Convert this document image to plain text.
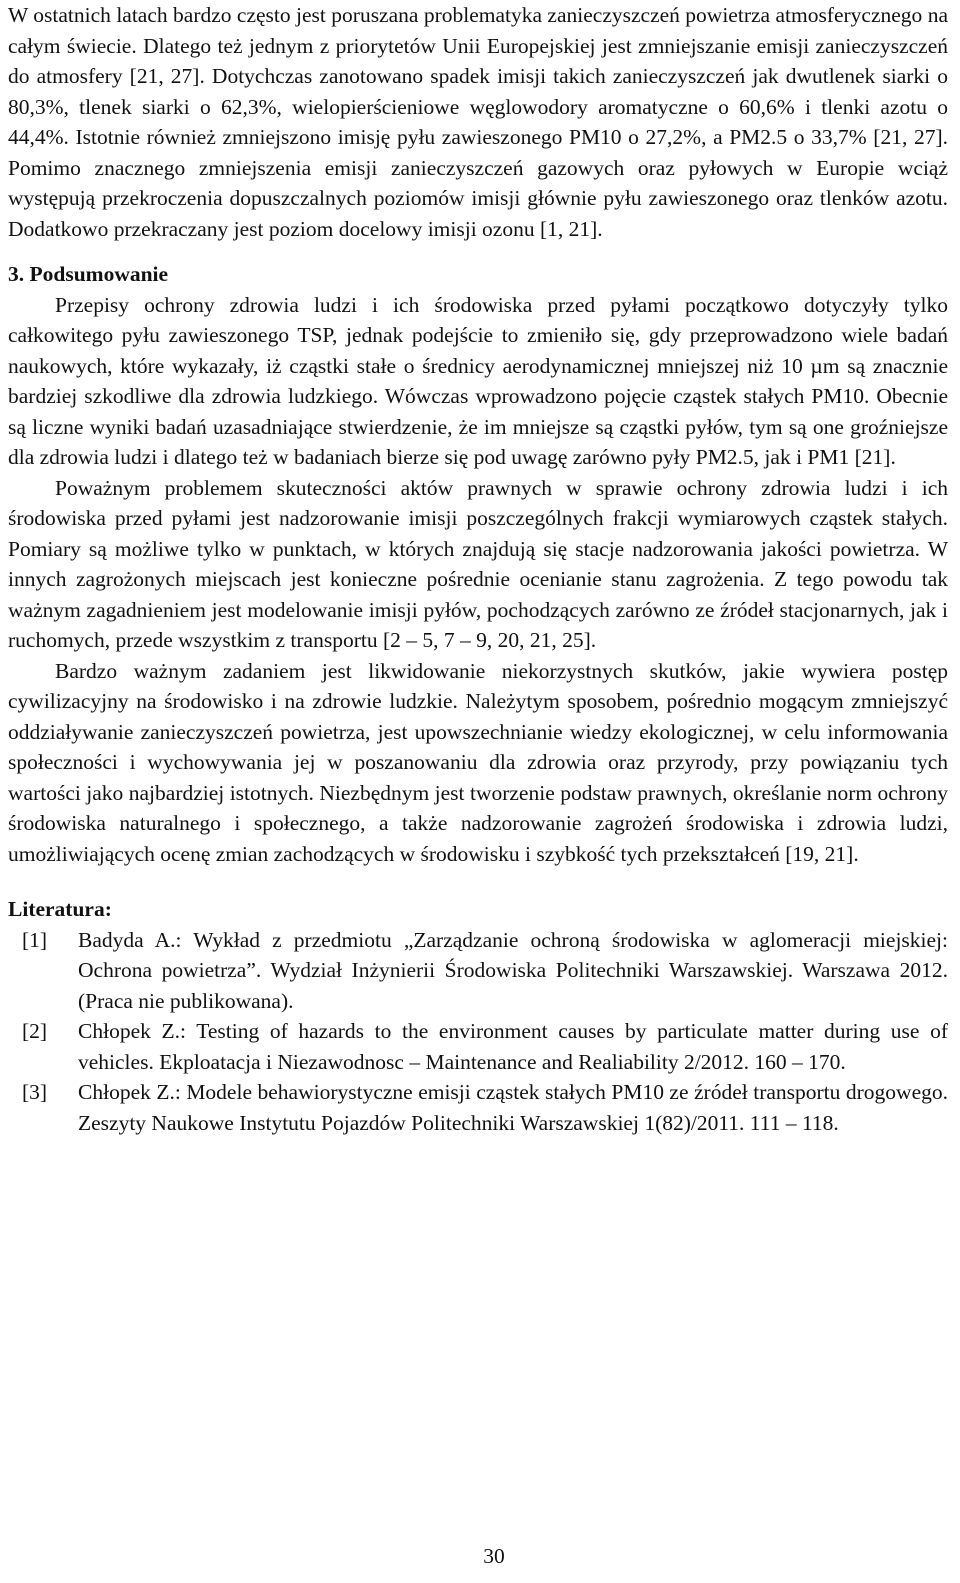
W ostatnich latach bardzo często jest poruszana problematyka zanieczyszczeń powietrza atmosferycznego na całym świecie. Dlatego też jednym z priorytetów Unii Europejskiej jest zmniejszanie emisji zanieczyszczeń do atmosfery [21, 27]. Dotychczas zanotowano spadek imisji takich zanieczyszczeń jak dwutlenek siarki o 80,3%, tlenek siarki o 62,3%, wielopierścieniowe węglowodory aromatyczne o 60,6% i tlenki azotu o 44,4%. Istotnie również zmniejszono imisję pyłu zawieszonego PM10 o 27,2%, a PM2.5 o 33,7% [21, 27]. Pomimo znacznego zmniejszenia emisji zanieczyszczeń gazowych oraz pyłowych w Europie wciąż występują przekroczenia dopuszczalnych poziomów imisji głównie pyłu zawieszonego oraz tlenków azotu. Dodatkowo przekraczany jest poziom docelowy imisji ozonu [1, 21].

3. Podsumowanie

Przepisy ochrony zdrowia ludzi i ich środowiska przed pyłami początkowo dotyczyły tylko całkowitego pyłu zawieszonego TSP, jednak podejście to zmieniło się, gdy przeprowadzono wiele badań naukowych, które wykazały, iż cząstki stałe o średnicy aerodynamicznej mniejszej niż 10 µm są znacznie bardziej szkodliwe dla zdrowia ludzkiego. Wówczas wprowadzono pojęcie cząstek stałych PM10. Obecnie są liczne wyniki badań uzasadniające stwierdzenie, że im mniejsze są cząstki pyłów, tym są one groźniejsze dla zdrowia ludzi i dlatego też w badaniach bierze się pod uwagę zarówno pyły PM2.5, jak i PM1 [21].

Poważnym problemem skuteczności aktów prawnych w sprawie ochrony zdrowia ludzi i ich środowiska przed pyłami jest nadzorowanie imisji poszczególnych frakcji wymiarowych cząstek stałych. Pomiary są możliwe tylko w punktach, w których znajdują się stacje nadzorowania jakości powietrza. W innych zagrożonych miejscach jest konieczne pośrednie ocenianie stanu zagrożenia. Z tego powodu tak ważnym zagadnieniem jest modelowanie imisji pyłów, pochodzących zarówno ze źródeł stacjonarnych, jak i ruchomych, przede wszystkim z transportu [2 – 5, 7 – 9, 20, 21, 25].

Bardzo ważnym zadaniem jest likwidowanie niekorzystnych skutków, jakie wywiera postęp cywilizacyjny na środowisko i na zdrowie ludzkie. Należytym sposobem, pośrednio mogącym zmniejszyć oddziaływanie zanieczyszczeń powietrza, jest upowszechnianie wiedzy ekologicznej, w celu informowania społeczności i wychowywania jej w poszanowaniu dla zdrowia oraz przyrody, przy powiązaniu tych wartości jako najbardziej istotnych. Niezbędnym jest tworzenie podstaw prawnych, określanie norm ochrony środowiska naturalnego i społecznego, a także nadzorowanie zagrożeń środowiska i zdrowia ludzi, umożliwiających ocenę zmian zachodzących w środowisku i szybkość tych przekształceń [19, 21].

Literatura:

[1]	Badyda A.: Wykład z przedmiotu „Zarządzanie ochroną środowiska w aglomeracji miejskiej: Ochrona powietrza”. Wydział Inżynierii Środowiska Politechniki Warszawskiej. Warszawa 2012. (Praca nie publikowana).
[2]	Chłopek Z.: Testing of hazards to the environment causes by particulate matter during use of vehicles. Ekploatacja i Niezawodnosc – Maintenance and Realiability 2/2012. 160 – 170.
[3]	Chłopek Z.: Modele behawiorystyczne emisji cząstek stałych PM10 ze źródeł transportu drogowego. Zeszyty Naukowe Instytutu Pojazdów Politechniki Warszawskiej 1(82)/2011. 111 – 118.
30
